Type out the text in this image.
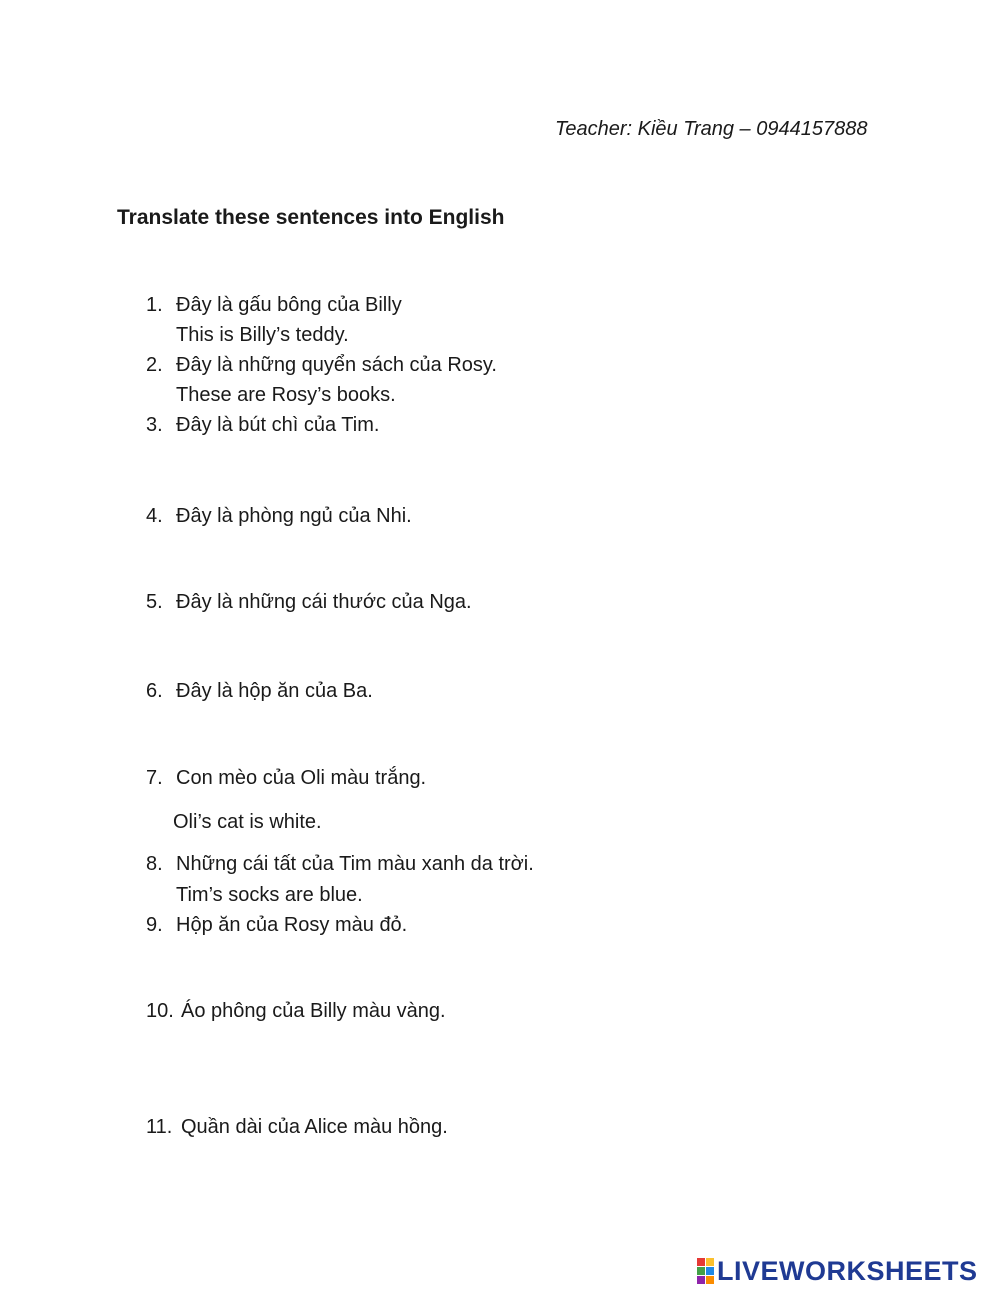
Teacher: Kiều Trang – 0944157888
Translate these sentences into English
1. Đây là gấu bông của Billy
This is Billy’s teddy.
2. Đây là những quyển sách của Rosy.
These are Rosy’s books.
3. Đây là bút chì của Tim.
4. Đây là phòng ngủ của Nhi.
5. Đây là những cái thước của Nga.
6. Đây là hộp ăn của Ba.
7. Con mèo của Oli màu trắng.
Oli’s cat is white.
8. Những cái tất của Tim màu xanh da trời.
Tim’s socks are blue.
9. Hộp ăn của Rosy màu đỏ.
10. Áo phông của Billy màu vàng.
11. Quần dài của Alice màu hồng.
LIVEWORKSHEETS
